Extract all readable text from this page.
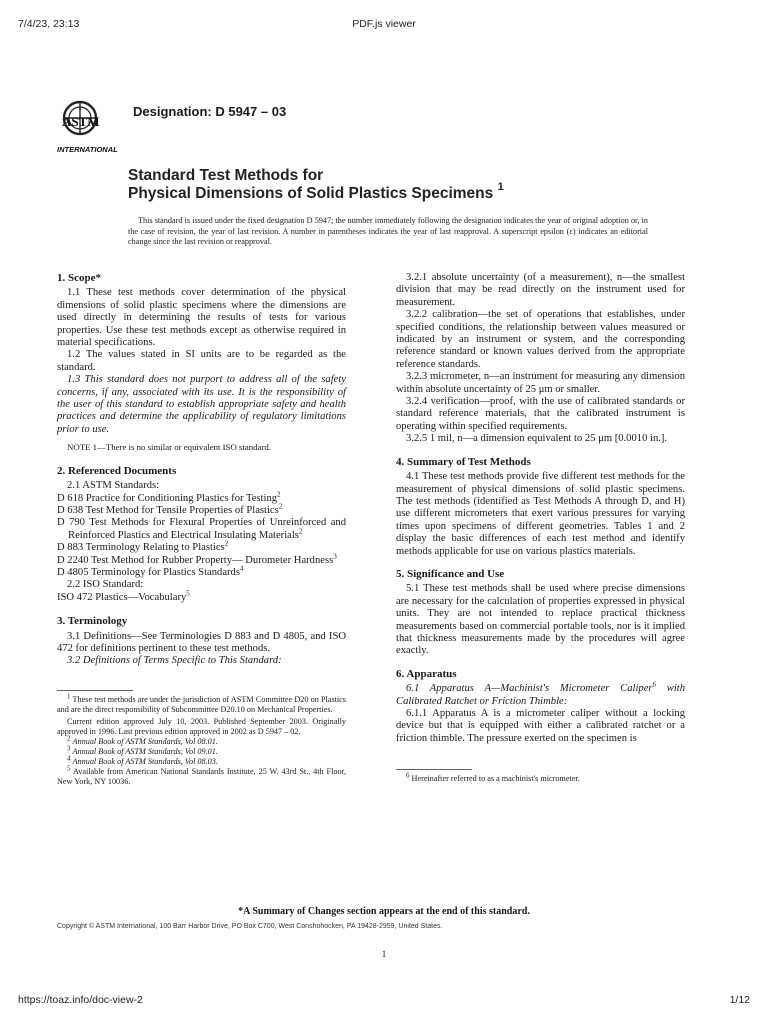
7/4/23, 23:13	PDF.js viewer
ASTM
INTERNATIONAL
Designation: D 5947 – 03
Standard Test Methods for
Physical Dimensions of Solid Plastics Specimens $^1$
This standard is issued under the fixed designation D 5947; the number immediately following the designation indicates the year of original adoption or, in the case of revision, the year of last revision. A number in parentheses indicates the year of last reapproval. A superscript epsilon (ε) indicates an editorial change since the last revision or reapproval.

1. Scope*

1.1 These test methods cover determination of the physical dimensions of solid plastic specimens where the dimensions are used directly in determining the results of tests for various properties. Use these test methods except as otherwise required in material specifications.

1.2 The values stated in SI units are to be regarded as the standard.

1.3 This standard does not purport to address all of the safety concerns, if any, associated with its use. It is the responsibility of the user of this standard to establish appropriate safety and health practices and determine the applicability of regulatory limitations prior to use.

NOTE 1—There is no similar or equivalent ISO standard.

2. Referenced Documents

2.1 ASTM Standards:

D 618 Practice for Conditioning Plastics for Testing$^2$

D 638 Test Method for Tensile Properties of Plastics$^2$

D 790 Test Methods for Flexural Properties of Unreinforced and Reinforced Plastics and Electrical Insulating Materials$^2$

D 883 Terminology Relating to Plastics$^2$

D 2240 Test Method for Rubber Property— Durometer Hardness$^3$

D 4805 Terminology for Plastics Standards$^4$

2.2 ISO Standard:

ISO 472 Plastics—Vocabulary$^5$

3. Terminology

3.1 Definitions—See Terminologies D 883 and D 4805, and ISO 472 for definitions pertinent to these test methods.

3.2 Definitions of Terms Specific to This Standard:

$^1$ These test methods are under the jurisdiction of ASTM Committee D20 on Plastics and are the direct responsibility of Subcommittee D20.10 on Mechanical Properties.

Current edition approved July 10, 2003. Published September 2003. Originally approved in 1996. Last previous edition approved in 2002 as D 5947 – 02.

$^2$ Annual Book of ASTM Standards, Vol 08.01.

$^3$ Annual Book of ASTM Standards, Vol 09.01.

$^4$ Annual Book of ASTM Standards, Vol 08.03.

$^5$ Available from American National Standards Institute, 25 W. 43rd St., 4th Floor, New York, NY 10036.

3.2.1 absolute uncertainty (of a measurement), n—the smallest division that may be read directly on the instrument used for measurement.

3.2.2 calibration—the set of operations that establishes, under specified conditions, the relationship between values measured or indicated by an instrument or system, and the corresponding reference standard or known values derived from the appropriate reference standards.

3.2.3 micrometer, n—an instrument for measuring any dimension within absolute uncertainty of 25 μm or smaller.

3.2.4 verification—proof, with the use of calibrated standards or standard reference materials, that the calibrated instrument is operating within specified requirements.

3.2.5 1 mil, n—a dimension equivalent to 25 μm [0.0010 in.].

4. Summary of Test Methods

4.1 These test methods provide five different test methods for the measurement of physical dimensions of solid plastic specimens. The test methods (identified as Test Methods A through D, and H) use different micrometers that exert various pressures for varying times upon specimens of different geometries. Tables 1 and 2 display the basic differences of each test method and identify methods applicable for use on various plastics materials.

5. Significance and Use

5.1 These test methods shall be used where precise dimensions are necessary for the calculation of properties expressed in physical units. They are not intended to replace practical thickness measurements based on commercial portable tools, nor is it implied that thickness measurements made by the procedures will agree exactly.

6. Apparatus

6.1 Apparatus A—Machinist's Micrometer Caliper$^6$ with Calibrated Ratchet or Friction Thimble:

6.1.1 Apparatus A is a micrometer caliper without a locking device but that is equipped with either a calibrated ratchet or a friction thimble. The pressure exerted on the specimen is

$^6$ Hereinafter referred to as a machinist's micrometer.

*A Summary of Changes section appears at the end of this standard.
Copyright © ASTM International, 100 Barr Harbor Drive, PO Box C700, West Conshohocken, PA 19428-2959, United States.
1
https://toaz.info/doc-view-2	1/12
